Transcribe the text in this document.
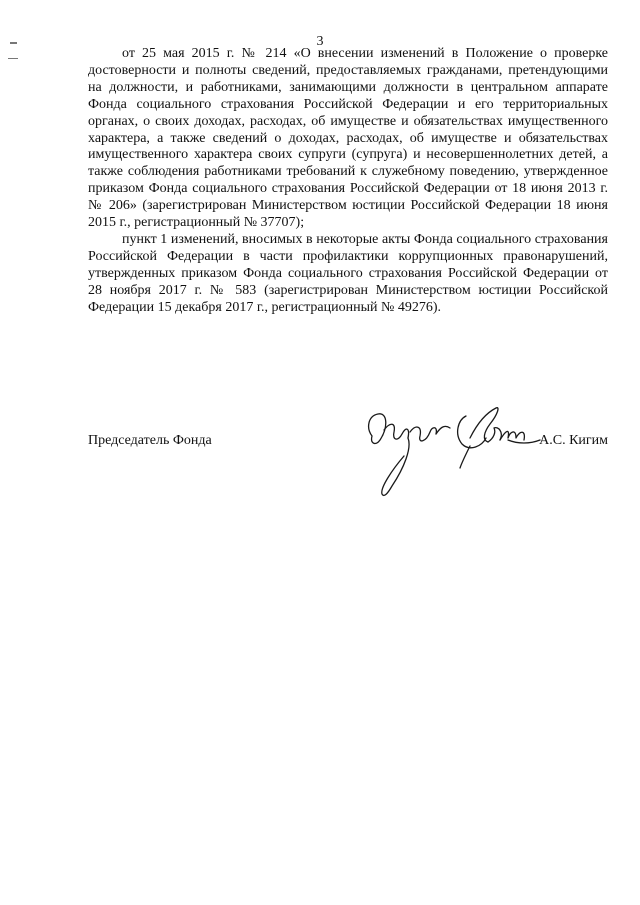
3

от 25 мая 2015 г. № 214 «О внесении изменений в Положение о проверке достоверности и полноты сведений, предоставляемых гражданами, претендующими на должности, и работниками, занимающими должности в центральном аппарате Фонда социального страхования Российской Федерации и его территориальных органах, о своих доходах, расходах, об имуществе и обязательствах имущественного характера, а также сведений о доходах, расходах, об имуществе и обязательствах имущественного характера своих супруги (супруга) и несовершеннолетних детей, а также соблюдения работниками требований к служебному поведению, утвержденное приказом Фонда социального страхования Российской Федерации от 18 июня 2013 г. № 206» (зарегистрирован Министерством юстиции Российской Федерации 18 июня 2015 г., регистрационный № 37707);

пункт 1 изменений, вносимых в некоторые акты Фонда социального страхования Российской Федерации в части профилактики коррупционных правонарушений, утвержденных приказом Фонда социального страхования Российской Федерации от 28 ноября 2017 г. № 583 (зарегистрирован Министерством юстиции Российской Федерации 15 декабря 2017 г., регистрационный № 49276).

Председатель Фонда	А.С. Кигим
